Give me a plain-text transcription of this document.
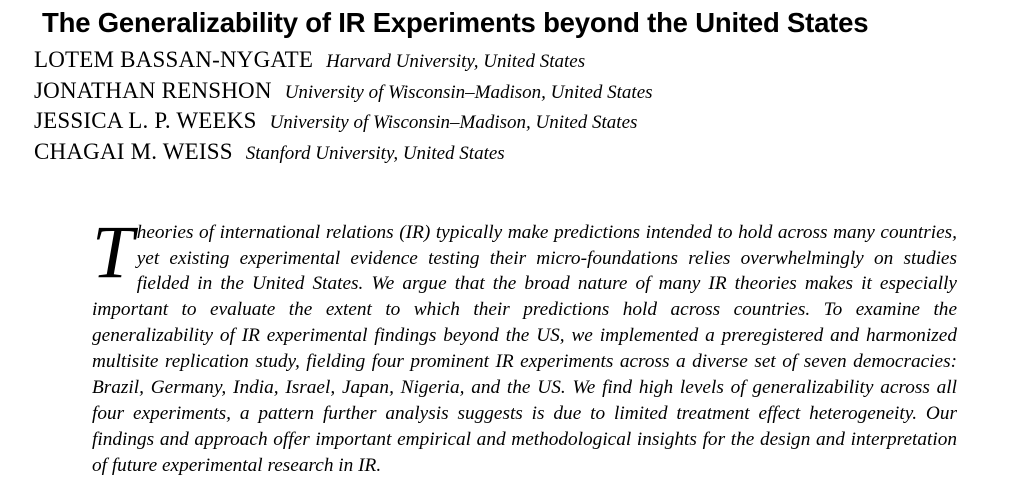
The Generalizability of IR Experiments beyond the United States
LOTEM BASSAN-NYGATE Harvard University, United States
JONATHAN RENSHON University of Wisconsin–Madison, United States
JESSICA L. P. WEEKS University of Wisconsin–Madison, United States
CHAGAI M. WEISS Stanford University, United States
T heories of international relations (IR) typically make predictions intended to hold across many countries, yet existing experimental evidence testing their micro-foundations relies overwhelmingly on studies fielded in the United States. We argue that the broad nature of many IR theories makes it especially important to evaluate the extent to which their predictions hold across countries. To examine the generalizability of IR experimental findings beyond the US, we implemented a preregistered and harmonized multisite replication study, fielding four prominent IR experiments across a diverse set of seven democracies: Brazil, Germany, India, Israel, Japan, Nigeria, and the US. We find high levels of generalizability across all four experiments, a pattern further analysis suggests is due to limited treatment effect heterogeneity. Our findings and approach offer important empirical and methodological insights for the design and interpretation of future experimental research in IR.
